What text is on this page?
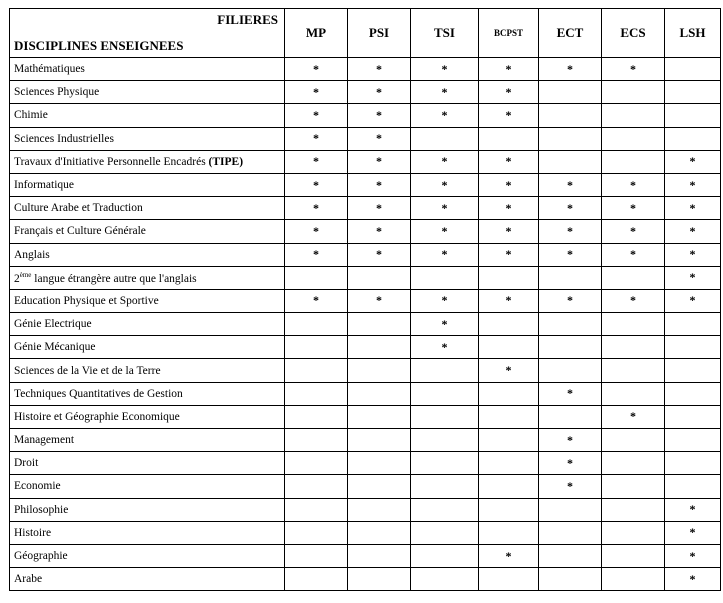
FILIERES
DISCIPLINES ENSEIGNEES	MP	PSI	TSI	BCPST	ECT	ECS	LSH
Mathématiques	*	*	*	*	*	*	
Sciences Physique	*	*	*	*			
Chimie	*	*	*	*			
Sciences Industrielles	*	*					
Travaux d'Initiative Personnelle Encadrés (TIPE)	*	*	*	*			*
Informatique	*	*	*	*	*	*	*
Culture Arabe et Traduction	*	*	*	*	*	*	*
Français et Culture Générale	*	*	*	*	*	*	*
Anglais	*	*	*	*	*	*	*
2ème langue étrangère autre que l'anglais							*
Education Physique et Sportive	*	*	*	*	*	*	*
Génie Electrique			*				
Génie Mécanique			*				
Sciences de la Vie et de la Terre				*			
Techniques Quantitatives de Gestion					*		
Histoire et Géographie Economique						*	
Management					*		
Droit					*		
Economie					*		
Philosophie							*
Histoire							*
Géographie				*			*
Arabe							*
